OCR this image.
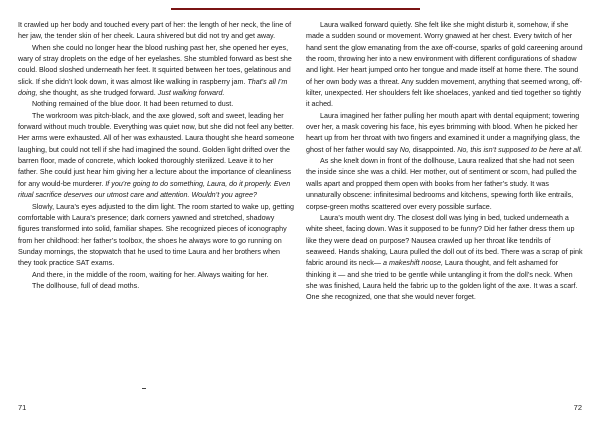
It crawled up her body and touched every part of her: the length of her neck, the line of her jaw, the tender skin of her cheek. Laura shivered but did not try and get away.

When she could no longer hear the blood rushing past her, she opened her eyes, wary of stray droplets on the edge of her eyelashes. She stumbled forward as best she could. Blood sloshed underneath her feet. It squirted between her toes, gelatinous and slick. If she didn’t look down, it was almost like walking in raspberry jam. That’s all I’m doing, she thought, as she trudged forward. Just walking forward.

Nothing remained of the blue door. It had been returned to dust.

The workroom was pitch-black, and the axe glowed, soft and sweet, leading her forward without much trouble. Everything was quiet now, but she did not feel any better. Her arms were exhausted. All of her was exhausted. Laura thought she heard someone laughing, but could not tell if she had imagined the sound. Golden light drifted over the barren floor, made of concrete, which looked thoroughly sterilized. Leave it to her father. She could just hear him giving her a lecture about the importance of cleanliness for any would-be murderer. If you’re going to do something, Laura, do it properly. Even ritual sacrifice deserves our utmost care and attention. Wouldn’t you agree?

Slowly, Laura’s eyes adjusted to the dim light. The room started to wake up, getting comfortable with Laura’s presence; dark corners yawned and stretched, shadowy figures transformed into solid, familiar shapes. She recognized pieces of iconography from her childhood: her father’s toolbox, the shoes he always wore to go running on Sunday mornings, the stopwatch that he used to time Laura and her brothers when they took practice SAT exams.

And there, in the middle of the room, waiting for her. Always waiting for her.

The dollhouse, full of dead moths.

Laura walked forward quietly. She felt like she might disturb it, somehow, if she made a sudden sound or movement. Worry gnawed at her chest. Every twitch of her hand sent the glow emanating from the axe off-course, sparks of gold careening around the room, throwing her into a new environment with different configurations of shadow and light. Her heart jumped onto her tongue and made itself at home there. The sound of her own body was a threat. Any sudden movement, anything that seemed wrong, off-kilter, unexpected. Her shoulders felt like shoelaces, yanked and tied together so tightly it ached.

Laura imagined her father pulling her mouth apart with dental equipment; towering over her, a mask covering his face, his eyes brimming with blood. When he picked her heart up from her throat with two fingers and examined it under a magnifying glass, the ghost of her father would say No, disappointed. No, this isn’t supposed to be here at all.

As she knelt down in front of the dollhouse, Laura realized that she had not seen the inside since she was a child. Her mother, out of sentiment or scorn, had pulled the walls apart and propped them open with books from her father’s study. It was unnaturally obscene: infinitesimal bedrooms and kitchens, spewing forth like entrails, corpse-green moths scattered over every possible surface.

Laura’s mouth went dry. The closest doll was lying in bed, tucked underneath a white sheet, facing down. Was it supposed to be funny? Did her father dress them up like they were dead on purpose? Nausea crawled up her throat like tendrils of seaweed. Hands shaking, Laura pulled the doll out of its bed. There was a scrap of pink fabric around its neck— a makeshift noose, Laura thought, and felt ashamed for thinking it — and she tried to be gentle while untangling it from the doll’s neck. When she was finished, Laura held the fabric up to the golden light of the axe. It was a scarf. One she recognized, one that she would never forget.

71	72
